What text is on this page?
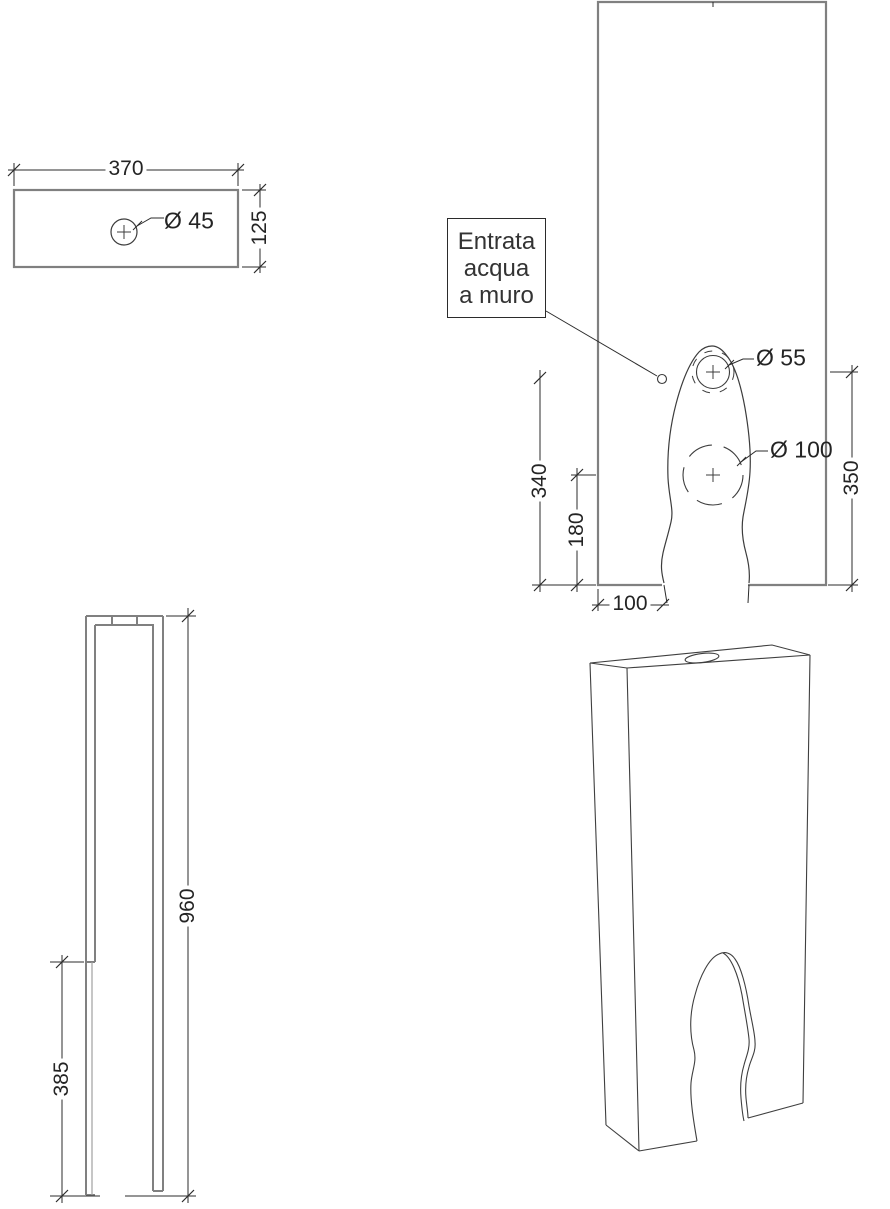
370
125
Ø 45
Entrata
acqua
a muro
Ø 55
Ø 100
340
180
350
100
960
385
